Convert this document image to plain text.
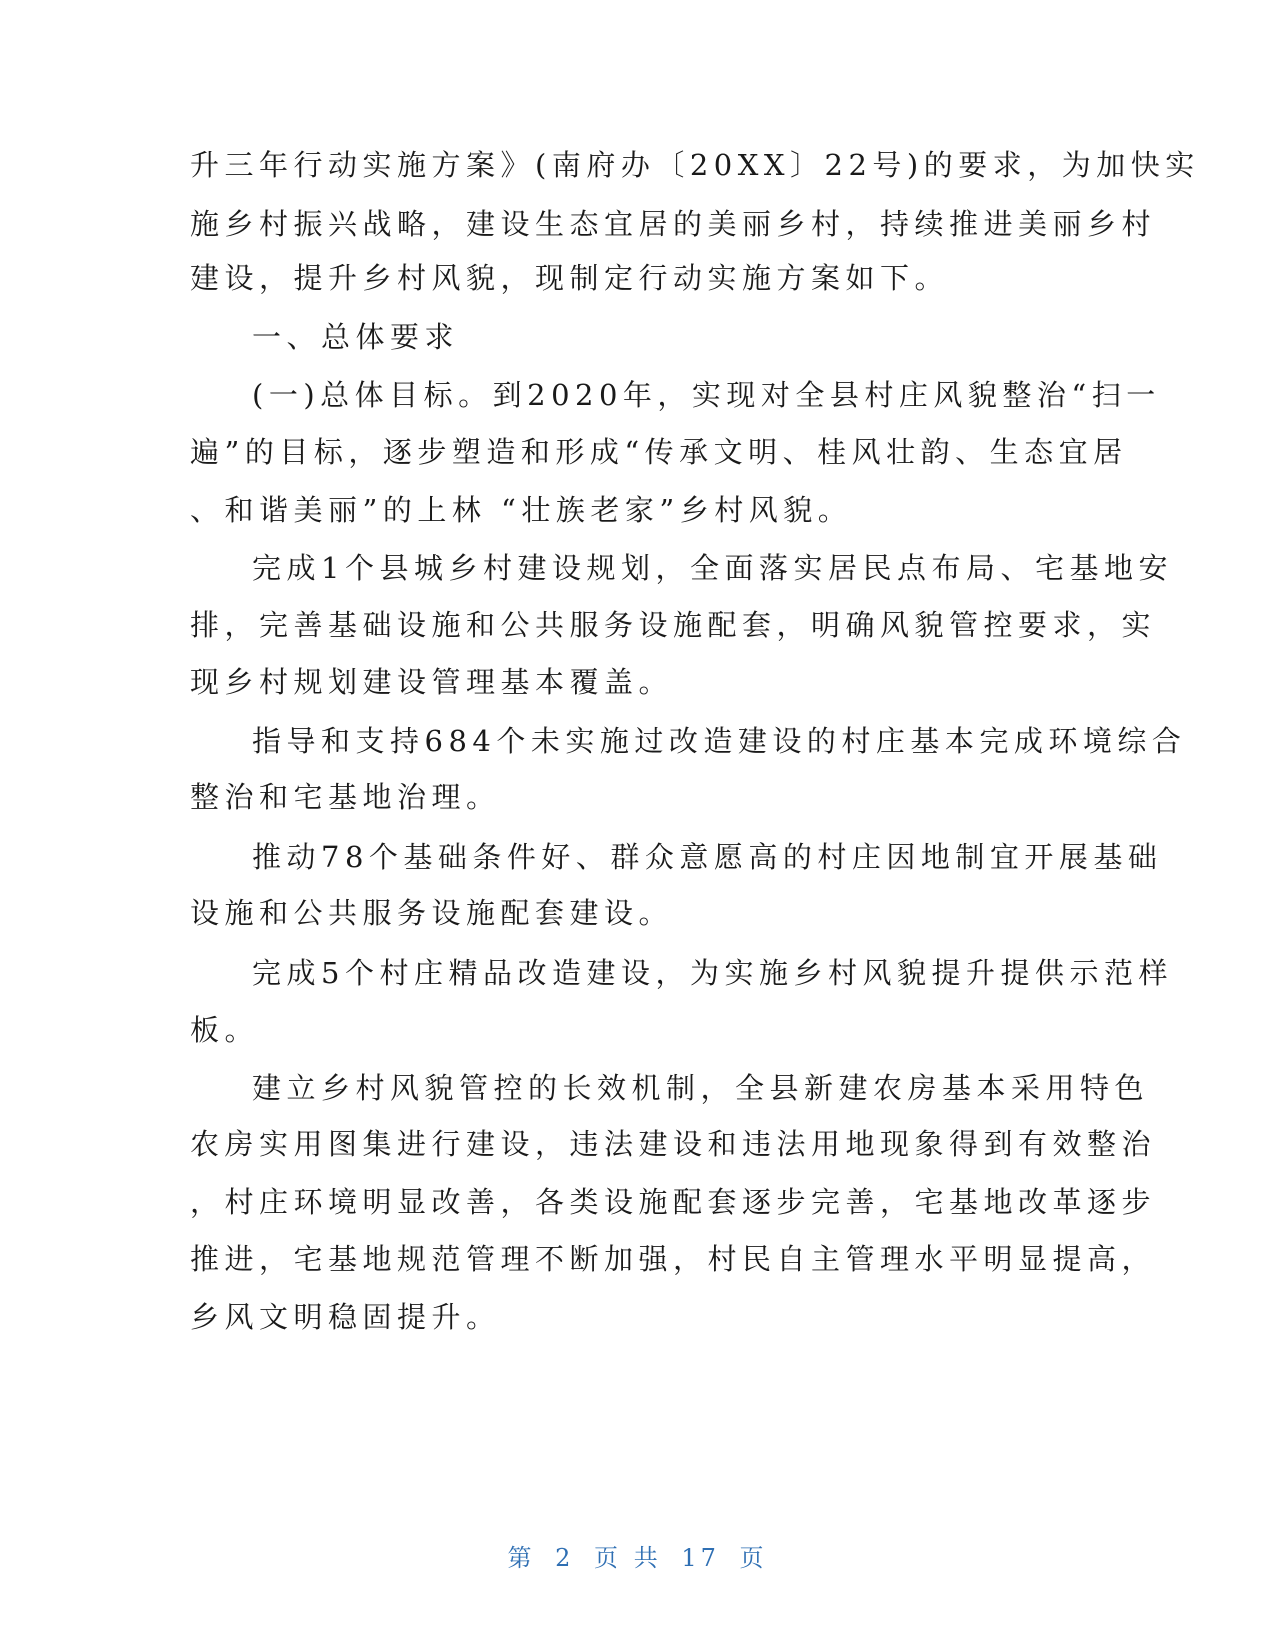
升三年行动实施方案》(南府办〔20XX〕22号)的要求，为加快实
施乡村振兴战略，建设生态宜居的美丽乡村，持续推进美丽乡村
建设，提升乡村风貌，现制定行动实施方案如下。
一、总体要求
(一)总体目标。到2020年，实现对全县村庄风貌整治“扫一
遍”的目标，逐步塑造和形成“传承文明、桂风壮韵、生态宜居
、和谐美丽”的上林 “壮族老家”乡村风貌。
完成1个县城乡村建设规划，全面落实居民点布局、宅基地安
排，完善基础设施和公共服务设施配套，明确风貌管控要求，实
现乡村规划建设管理基本覆盖。
指导和支持684个未实施过改造建设的村庄基本完成环境综合
整治和宅基地治理。
推动78个基础条件好、群众意愿高的村庄因地制宜开展基础
设施和公共服务设施配套建设。
完成5个村庄精品改造建设，为实施乡村风貌提升提供示范样
板。
建立乡村风貌管控的长效机制，全县新建农房基本采用特色
农房实用图集进行建设，违法建设和违法用地现象得到有效整治
，村庄环境明显改善，各类设施配套逐步完善，宅基地改革逐步
推进，宅基地规范管理不断加强，村民自主管理水平明显提高，
乡风文明稳固提升。
第 2 页 共 17 页
